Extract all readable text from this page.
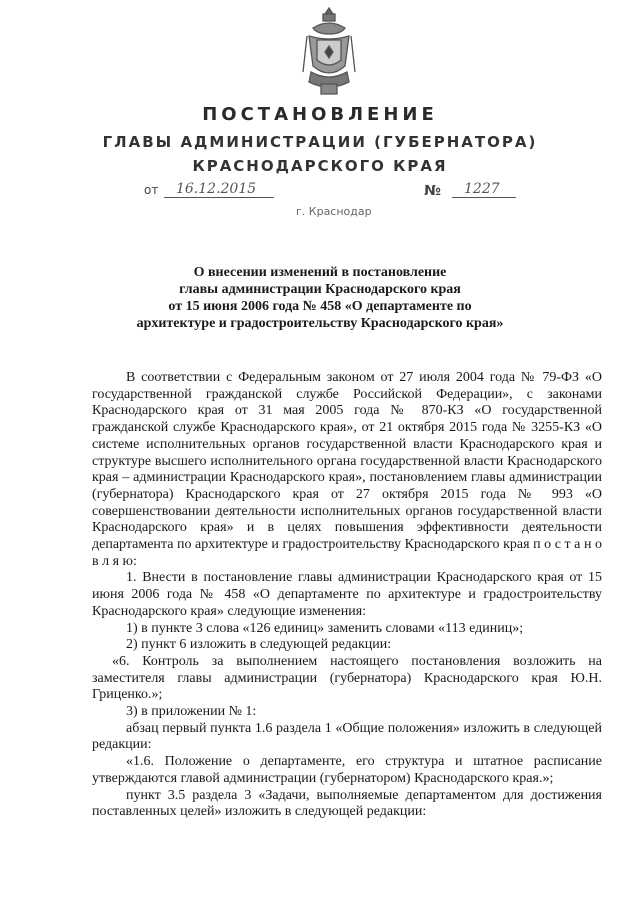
ПОСТАНОВЛЕНИЕ
ГЛАВЫ АДМИНИСТРАЦИИ (ГУБЕРНАТОРА)
КРАСНОДАРСКОГО КРАЯ
от 16.12.2015	№ 1227
г. Краснодар
О внесении изменений в постановление
главы администрации Краснодарского края
от 15 июня 2006 года № 458 «О департаменте по
архитектуре и градостроительству Краснодарского края»

В соответствии с Федеральным законом от 27 июля 2004 года № 79-ФЗ «О государственной гражданской службе Российской Федерации», с законами Краснодарского края от 31 мая 2005 года № 870-КЗ «О государственной гражданской службе Краснодарского края», от 21 октября 2015 года № 3255-КЗ «О системе исполнительных органов государственной власти Краснодарского края и структуре высшего исполнительного органа государственной власти Краснодарского края – администрации Краснодарского края», постановлением главы администрации (губернатора) Краснодарского края от 27 октября 2015 года № 993 «О совершенствовании деятельности исполнительных органов государственной власти Краснодарского края» и в целях повышения эффективности деятельности департамента по архитектуре и градостроительству Краснодарского края п о с т а н о в л я ю:

1. Внести в постановление главы администрации Краснодарского края от 15 июня 2006 года № 458 «О департаменте по архитектуре и градостроительству Краснодарского края» следующие изменения:

1) в пункте 3 слова «126 единиц» заменить словами «113 единиц»;

2) пункт 6 изложить в следующей редакции:

«6. Контроль за выполнением настоящего постановления возложить на заместителя главы администрации (губернатора) Краснодарского края Ю.Н. Гриценко.»;

3) в приложении № 1:

абзац первый пункта 1.6 раздела 1 «Общие положения» изложить в следующей редакции:

«1.6. Положение о департаменте, его структура и штатное расписание утверждаются главой администрации (губернатором) Краснодарского края.»;

пункт 3.5 раздела 3 «Задачи, выполняемые департаментом для достижения поставленных целей» изложить в следующей редакции:
